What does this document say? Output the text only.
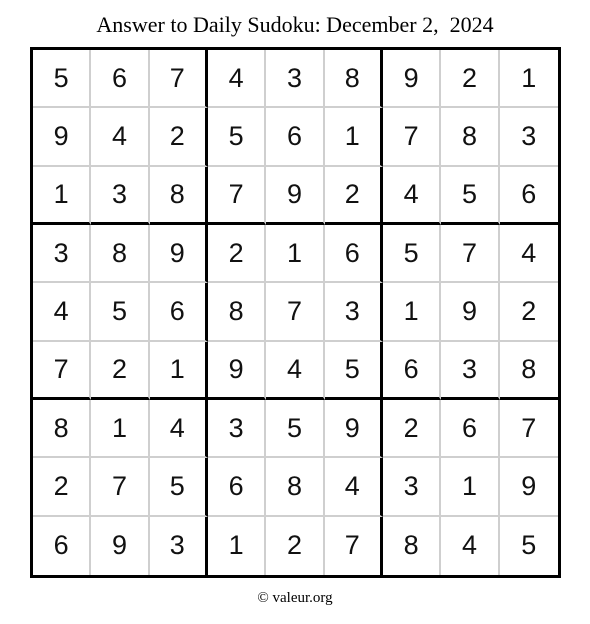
Answer to Daily Sudoku: December 2,  2024
5	6	7	4	3	8	9	2	1
9	4	2	5	6	1	7	8	3
1	3	8	7	9	2	4	5	6
3	8	9	2	1	6	5	7	4
4	5	6	8	7	3	1	9	2
7	2	1	9	4	5	6	3	8
8	1	4	3	5	9	2	6	7
2	7	5	6	8	4	3	1	9
6	9	3	1	2	7	8	4	5
© valeur.org
